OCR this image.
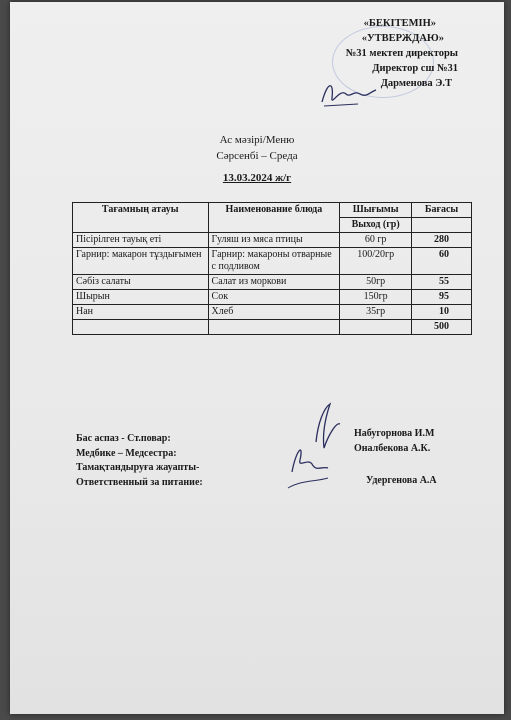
«БЕКІТЕМІН»
«УТВЕРЖДАЮ»
№31 мектеп директоры
Директор сш №31
Дарменова Э.Т
Ас мәзірі/Меню
Сәрсенбі – Среда
13.03.2024 ж/г
Тағамның атауы	Наименование блюда	Шығымы	Бағасы
		Выход (гр)	
Пісірілген тауық еті	Гуляш из мяса птицы	60 гр	280
Гарнир: макарон тұздығымен	Гарнир: макароны отварные с подливом	100/20гр	60
Сәбіз салаты	Салат из моркови	50гр	55
Шырын	Сок	150гр	95
Нан	Хлеб	35гр	10
			500
Бас аспаз - Ст.повар:
Медбике – Медсестра:
Тамақтандыруға жауапты-
Ответственный за питание:
Набугорнова И.М
Оналбекова А.К.
Удергенова А.А
